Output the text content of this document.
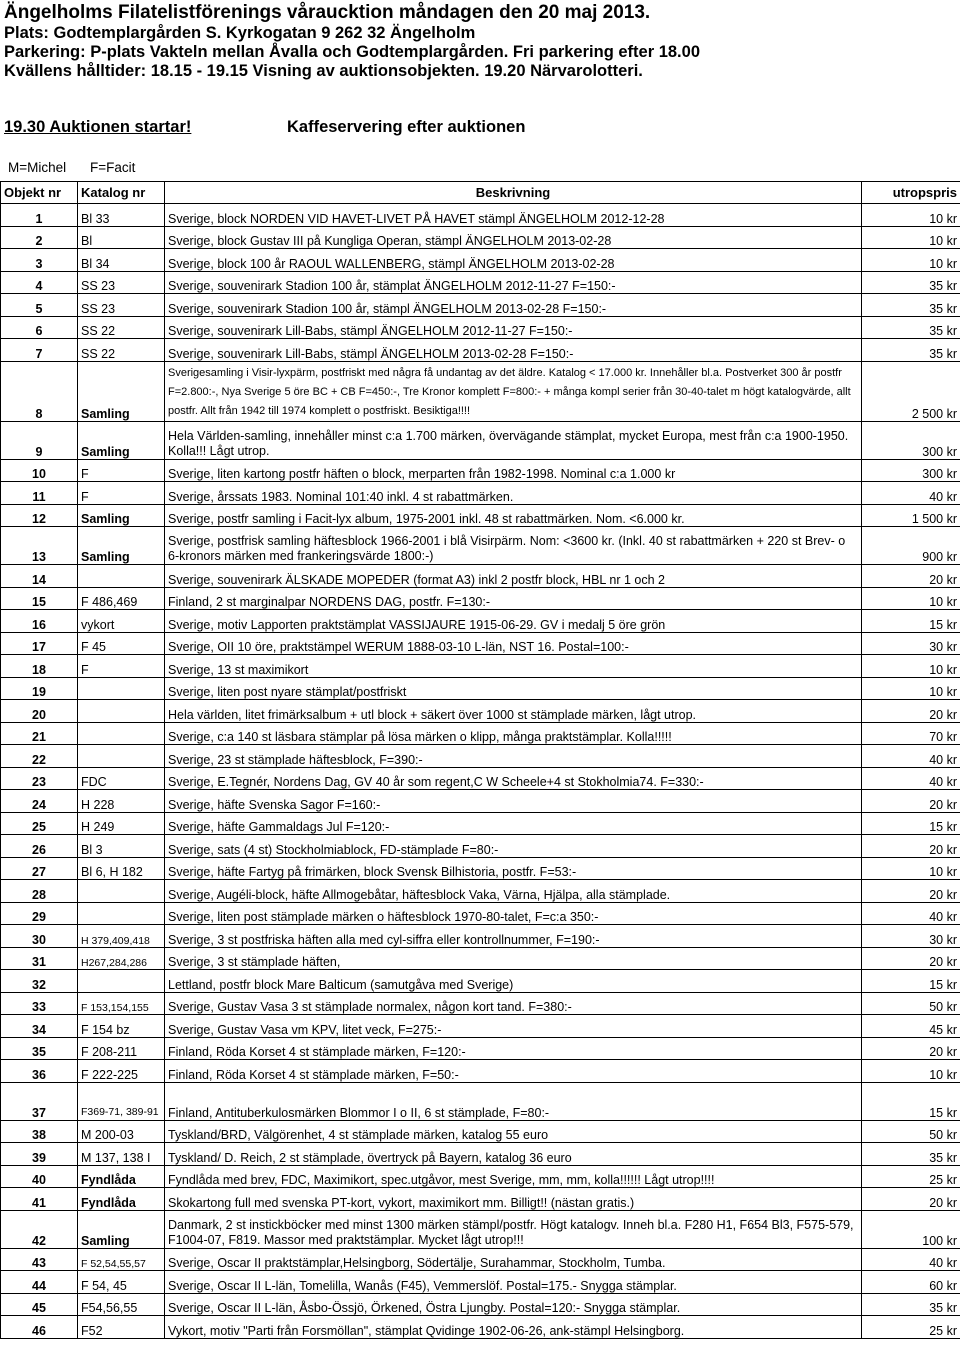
Ängelholms Filatelistförenings våraucktion måndagen den 20 maj 2013.
Plats: Godtemplargården S. Kyrkogatan 9 262 32 Ängelholm
Parkering: P-plats Vakteln mellan Åvalla och Godtemplargården. Fri parkering efter 18.00
Kvällens hålltider: 18.15 - 19.15 Visning av auktionsobjekten. 19.20 Närvarolotteri.
19.30 Auktionen startar!	Kaffeservering efter auktionen
M=Michel F=Facit
Objekt nr	Katalog nr	Beskrivning	utropspris
1	Bl 33	Sverige, block NORDEN VID HAVET-LIVET PÅ HAVET stämpl ÄNGELHOLM 2012-12-28	10 kr
2	Bl	Sverige, block Gustav III på Kungliga Operan, stämpl ÄNGELHOLM 2013-02-28	10 kr
3	Bl 34	Sverige, block 100 år RAOUL WALLENBERG, stämpl ÄNGELHOLM 2013-02-28	10 kr
4	SS 23	Sverige, souvenirark Stadion 100 år, stämplat ÄNGELHOLM 2012-11-27 F=150:-	35 kr
5	SS 23	Sverige, souvenirark Stadion 100 år, stämpl ÄNGELHOLM 2013-02-28 F=150:-	35 kr
6	SS 22	Sverige, souvenirark Lill-Babs, stämpl ÄNGELHOLM 2012-11-27 F=150:-	35 kr
7	SS 22	Sverige, souvenirark Lill-Babs, stämpl ÄNGELHOLM 2013-02-28 F=150:-	35 kr
8	Samling	Sverigesamling i Visir-lyxpärm, postfriskt med några få undantag av det äldre. Katalog < 17.000 kr. Innehåller bl.a. Postverket 300 år postfr F=2.800:-, Nya Sverige 5 öre BC + CB F=450:-, Tre Kronor komplett F=800:- + många kompl serier från 30-40-talet m högt katalogvärde, allt postfr. Allt från 1942 till 1974 komplett o postfriskt. Besiktiga!!!!	2 500 kr
9	Samling	Hela Världen-samling, innehåller minst c:a 1.700 märken, övervägande stämplat, mycket Europa, mest från c:a 1900-1950. Kolla!!! Lågt utrop.	300 kr
10	F	Sverige, liten kartong postfr häften o block, merparten från 1982-1998. Nominal c:a 1.000 kr	300 kr
11	F	Sverige, årssats 1983. Nominal 101:40 inkl. 4 st rabattmärken.	40 kr
12	Samling	Sverige, postfr samling i Facit-lyx album, 1975-2001 inkl. 48 st rabattmärken. Nom. <6.000 kr.	1 500 kr
13	Samling	Sverige, postfrisk samling häftesblock 1966-2001 i blå Visirpärm. Nom: <3600 kr. (Inkl. 40 st rabattmärken + 220 st Brev- o 6-kronors märken med frankeringsvärde 1800:-)	900 kr
14		Sverige, souvenirark ÄLSKADE MOPEDER (format A3) inkl 2 postfr block, HBL nr 1 och 2	20 kr
15	F 486,469	Finland, 2 st marginalpar NORDENS DAG, postfr. F=130:-	10 kr
16	vykort	Sverige, motiv Lapporten praktstämplat VASSIJAURE 1915-06-29. GV i medalj 5 öre grön	15 kr
17	F 45	Sverige, OII 10 öre, praktstämpel WERUM 1888-03-10 L-län, NST 16. Postal=100:-	30 kr
18	F	Sverige, 13 st maximikort	10 kr
19		Sverige, liten post nyare stämplat/postfriskt	10 kr
20		Hela världen, litet frimärksalbum + utl block + säkert över 1000 st stämplade märken, lågt utrop.	20 kr
21		Sverige, c:a 140 st läsbara stämplar på lösa märken o klipp, många praktstämplar. Kolla!!!!!	70 kr
22		Sverige, 23 st stämplade häftesblock, F=390:-	40 kr
23	FDC	Sverige, E.Tegnér, Nordens Dag, GV 40 år som regent,C W Scheele+4 st Stokholmia74. F=330:-	40 kr
24	H 228	Sverige, häfte Svenska Sagor F=160:-	20 kr
25	H 249	Sverige, häfte Gammaldags Jul F=120:-	15 kr
26	Bl 3	Sverige, sats (4 st) Stockholmiablock, FD-stämplade F=80:-	20 kr
27	Bl 6, H 182	Sverige, häfte Fartyg på frimärken, block Svensk Bilhistoria, postfr. F=53:-	10 kr
28		Sverige, Augéli-block, häfte Allmogebåtar, häftesblock Vaka, Värna, Hjälpa, alla stämplade.	20 kr
29		Sverige, liten post stämplade märken o häftesblock 1970-80-talet, F=c:a 350:-	40 kr
30	H 379,409,418	Sverige, 3 st postfriska häften alla med cyl-siffra eller kontrollnummer, F=190:-	30 kr
31	H267,284,286	Sverige, 3 st stämplade häften,	20 kr
32		Lettland, postfr block Mare Balticum (samutgåva med Sverige)	15 kr
33	F 153,154,155	Sverige, Gustav Vasa 3 st stämplade normalex, någon kort tand. F=380:-	50 kr
34	F 154 bz	Sverige, Gustav Vasa vm KPV, litet veck, F=275:-	45 kr
35	F 208-211	Finland, Röda Korset 4 st stämplade märken, F=120:-	20 kr
36	F 222-225	Finland, Röda Korset 4 st stämplade märken, F=50:-	10 kr
37	F369-71, 389-91	Finland, Antituberkulosmärken Blommor I o II, 6 st stämplade, F=80:-	15 kr
38	M 200-03	Tyskland/BRD, Välgörenhet, 4 st stämplade märken, katalog 55 euro	50 kr
39	M 137, 138 I	Tyskland/ D. Reich, 2 st stämplade, övertryck på Bayern, katalog 36 euro	35 kr
40	Fyndlåda	Fyndlåda med brev, FDC, Maximikort, spec.utgåvor, mest Sverige, mm, mm, kolla!!!!!! Lågt utrop!!!!	25 kr
41	Fyndlåda	Skokartong full med svenska PT-kort, vykort, maximikort mm. Billigt!! (nästan gratis.)	20 kr
42	Samling	Danmark, 2 st instickböcker med minst 1300 märken stämpl/postfr. Högt katalogv. Inneh bl.a. F280 H1, F654 Bl3, F575-579, F1004-07, F819. Massor med praktstämplar. Mycket lågt utrop!!!	100 kr
43	F 52,54,55,57	Sverige, Oscar II praktstämplar,Helsingborg, Södertälje, Surahammar, Stockholm, Tumba.	40 kr
44	F 54, 45	Sverige, Oscar II L-län, Tomelilla, Wanås (F45), Vemmerslöf. Postal=175.- Snygga stämplar.	60 kr
45	F54,56,55	Sverige, Oscar II L-län, Åsbo-Össjö, Örkened, Östra Ljungby. Postal=120:- Snygga stämplar.	35 kr
46	F52	Vykort, motiv "Parti från Forsmöllan", stämplat Qvidinge 1902-06-26, ank-stämpl Helsingborg.	25 kr
